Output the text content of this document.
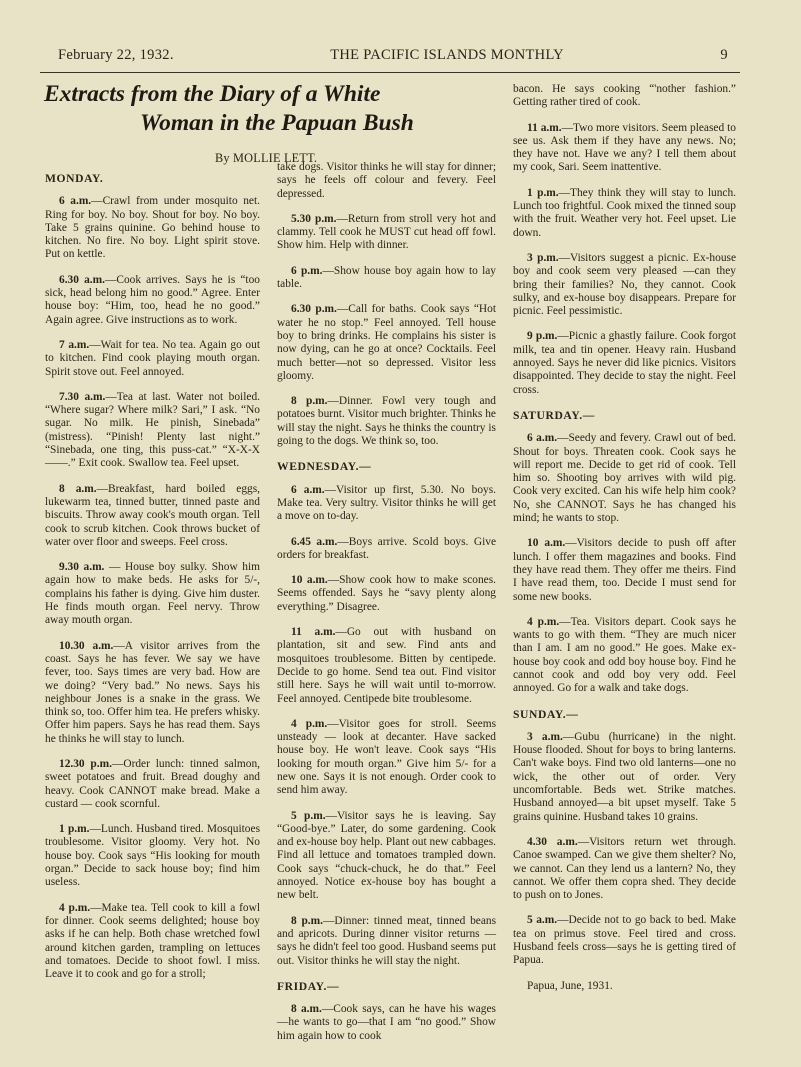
February 22, 1932.	THE PACIFIC ISLANDS MONTHLY	9
Extracts from the Diary of a White
Woman in the Papuan Bush
By MOLLIE LETT.
MONDAY.
6 a.m.—Crawl from under mosquito net. Ring for boy. No boy. Shout for boy. No boy. Take 5 grains quinine. Go behind house to kitchen. No fire. No boy. Light spirit stove. Put on kettle.
6.30 a.m.—Cook arrives. Says he is “too sick, head belong him no good.” Agree. Enter house boy: “Him, too, head he no good.” Again agree. Give instructions as to work.
7 a.m.—Wait for tea. No tea. Again go out to kitchen. Find cook playing mouth organ. Spirit stove out. Feel annoyed.
7.30 a.m.—Tea at last. Water not boiled. “Where sugar? Where milk? Sari,” I ask. “No sugar. No milk. He pinish, Sinebada” (mistress). “Pinish! Plenty last night.” “Sinebada, one ting, this puss-cat.” “X-X-X——.” Exit cook. Swallow tea. Feel upset.
8 a.m.—Breakfast, hard boiled eggs, lukewarm tea, tinned butter, tinned paste and biscuits. Throw away cook's mouth organ. Tell cook to scrub kitchen. Cook throws bucket of water over floor and sweeps. Feel cross.
9.30 a.m. — House boy sulky. Show him again how to make beds. He asks for 5/-, complains his father is dying. Give him duster. He finds mouth organ. Feel nervy. Throw away mouth organ.
10.30 a.m.—A visitor arrives from the coast. Says he has fever. We say we have fever, too. Says times are very bad. How are we doing? “Very bad.” No news. Says his neighbour Jones is a snake in the grass. We think so, too. Offer him tea. He prefers whisky. Offer him papers. Says he has read them. Says he thinks he will stay to lunch.
12.30 p.m.—Order lunch: tinned salmon, sweet potatoes and fruit. Bread doughy and heavy. Cook CANNOT make bread. Make a custard — cook scornful.
1 p.m.—Lunch. Husband tired. Mosquitoes troublesome. Visitor gloomy. Very hot. No house boy. Cook says “His looking for mouth organ.” Decide to sack house boy; find him useless.
4 p.m.—Make tea. Tell cook to kill a fowl for dinner. Cook seems delighted; house boy asks if he can help. Both chase wretched fowl around kitchen garden, trampling on lettuces and tomatoes. Decide to shoot fowl. I miss. Leave it to cook and go for a stroll;
take dogs. Visitor thinks he will stay for dinner; says he feels off colour and fevery. Feel depressed.
5.30 p.m.—Return from stroll very hot and clammy. Tell cook he MUST cut head off fowl. Show him. Help with dinner.
6 p.m.—Show house boy again how to lay table.
6.30 p.m.—Call for baths. Cook says “Hot water he no stop.” Feel annoyed. Tell house boy to bring drinks. He complains his sister is now dying, can he go at once? Cocktails. Feel much better—not so depressed. Visitor less gloomy.
8 p.m.—Dinner. Fowl very tough and potatoes burnt. Visitor much brighter. Thinks he will stay the night. Says he thinks the country is going to the dogs. We think so, too.
WEDNESDAY.—
6 a.m.—Visitor up first, 5.30. No boys. Make tea. Very sultry. Visitor thinks he will get a move on to-day.
6.45 a.m.—Boys arrive. Scold boys. Give orders for breakfast.
10 a.m.—Show cook how to make scones. Seems offended. Says he “savy plenty along everything.” Disagree.
11 a.m.—Go out with husband on plantation, sit and sew. Find ants and mosquitoes troublesome. Bitten by centipede. Decide to go home. Send tea out. Find visitor still here. Says he will wait until to-morrow. Feel annoyed. Centipede bite troublesome.
4 p.m.—Visitor goes for stroll. Seems unsteady — look at decanter. Have sacked house boy. He won't leave. Cook says “His looking for mouth organ.” Give him 5/- for a new one. Says it is not enough. Order cook to send him away.
5 p.m.—Visitor says he is leaving. Say “Good-bye.” Later, do some gardening. Cook and ex-house boy help. Plant out new cabbages. Find all lettuce and tomatoes trampled down. Cook says “chuck-chuck, he do that.” Feel annoyed. Notice ex-house boy has bought a new belt.
8 p.m.—Dinner: tinned meat, tinned beans and apricots. During dinner visitor returns — says he didn't feel too good. Husband seems put out. Visitor thinks he will stay the night.
FRIDAY.—
8 a.m.—Cook says, can he have his wages—he wants to go—that I am “no good.” Show him again how to cook
bacon. He says cooking “'nother fashion.” Getting rather tired of cook.
11 a.m.—Two more visitors. Seem pleased to see us. Ask them if they have any news. No; they have not. Have we any? I tell them about my cook, Sari. Seem inattentive.
1 p.m.—They think they will stay to lunch. Lunch too frightful. Cook mixed the tinned soup with the fruit. Weather very hot. Feel upset. Lie down.
3 p.m.—Visitors suggest a picnic. Ex-house boy and cook seem very pleased —can they bring their families? No, they cannot. Cook sulky, and ex-house boy disappears. Prepare for picnic. Feel pessimistic.
9 p.m.—Picnic a ghastly failure. Cook forgot milk, tea and tin opener. Heavy rain. Husband annoyed. Says he never did like picnics. Visitors disappointed. They decide to stay the night. Feel cross.
SATURDAY.—
6 a.m.—Seedy and fevery. Crawl out of bed. Shout for boys. Threaten cook. Cook says he will report me. Decide to get rid of cook. Tell him so. Shooting boy arrives with wild pig. Cook very excited. Can his wife help him cook? No, she CANNOT. Says he has changed his mind; he wants to stop.
10 a.m.—Visitors decide to push off after lunch. I offer them magazines and books. Find they have read them. They offer me theirs. Find I have read them, too. Decide I must send for some new books.
4 p.m.—Tea. Visitors depart. Cook says he wants to go with them. “They are much nicer than I am. I am no good.” He goes. Make ex-house boy cook and odd boy house boy. Find he cannot cook and odd boy very odd. Feel annoyed. Go for a walk and take dogs.
SUNDAY.—
3 a.m.—Gubu (hurricane) in the night. House flooded. Shout for boys to bring lanterns. Can't wake boys. Find two old lanterns—one no wick, the other out of order. Very uncomfortable. Beds wet. Strike matches. Husband annoyed—a bit upset myself. Take 5 grains quinine. Husband takes 10 grains.
4.30 a.m.—Visitors return wet through. Canoe swamped. Can we give them shelter? No, we cannot. Can they lend us a lantern? No, they cannot. We offer them copra shed. They decide to push on to Jones.
5 a.m.—Decide not to go back to bed. Make tea on primus stove. Feel tired and cross. Husband feels cross—says he is getting tired of Papua.
Papua, June, 1931.
